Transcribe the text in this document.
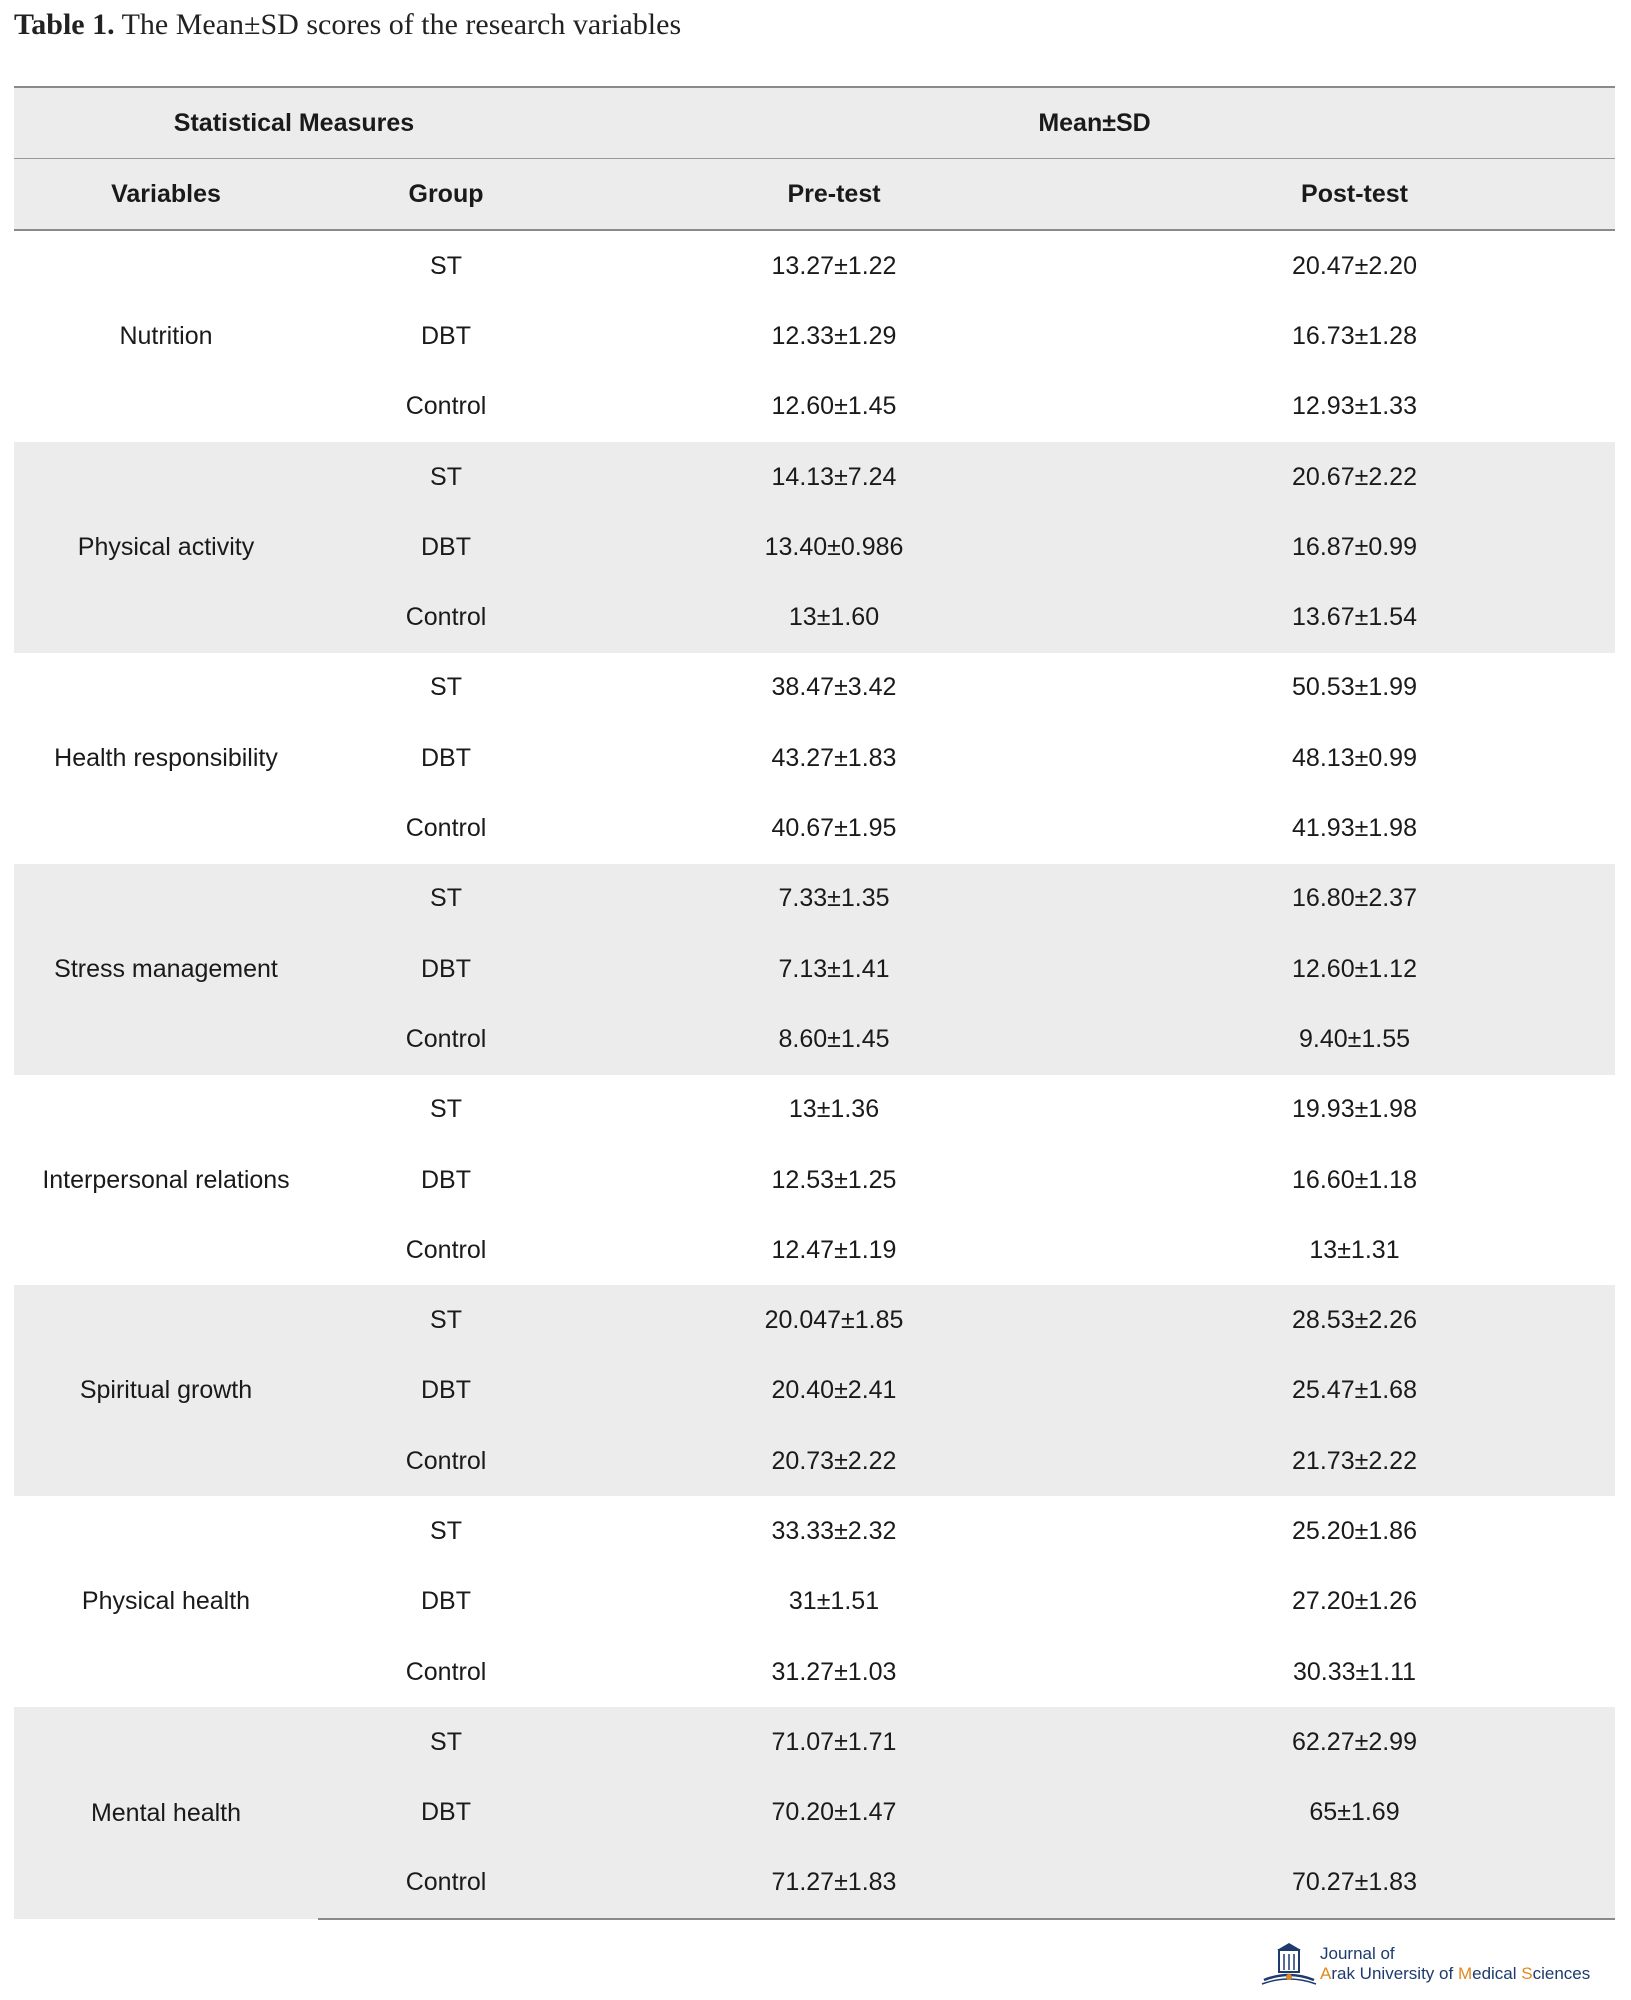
Table 1. The Mean±SD scores of the research variables
Statistical Measures		Mean±SD	
Variables	Group	Pre-test	Post-test
Nutrition	ST	13.27±1.22	20.47±2.20
	DBT	12.33±1.29	16.73±1.28
	Control	12.60±1.45	12.93±1.33
Physical activity	ST	14.13±7.24	20.67±2.22
	DBT	13.40±0.986	16.87±0.99
	Control	13±1.60	13.67±1.54
Health responsibility	ST	38.47±3.42	50.53±1.99
	DBT	43.27±1.83	48.13±0.99
	Control	40.67±1.95	41.93±1.98
Stress management	ST	7.33±1.35	16.80±2.37
	DBT	7.13±1.41	12.60±1.12
	Control	8.60±1.45	9.40±1.55
Interpersonal relations	ST	13±1.36	19.93±1.98
	DBT	12.53±1.25	16.60±1.18
	Control	12.47±1.19	13±1.31
Spiritual growth	ST	20.047±1.85	28.53±2.26
	DBT	20.40±2.41	25.47±1.68
	Control	20.73±2.22	21.73±2.22
Physical health	ST	33.33±2.32	25.20±1.86
	DBT	31±1.51	27.20±1.26
	Control	31.27±1.03	30.33±1.11
Mental health	ST	71.07±1.71	62.27±2.99
	DBT	70.20±1.47	65±1.69
	Control	71.27±1.83	70.27±1.83
Journal of
Arak University of Medical Sciences
